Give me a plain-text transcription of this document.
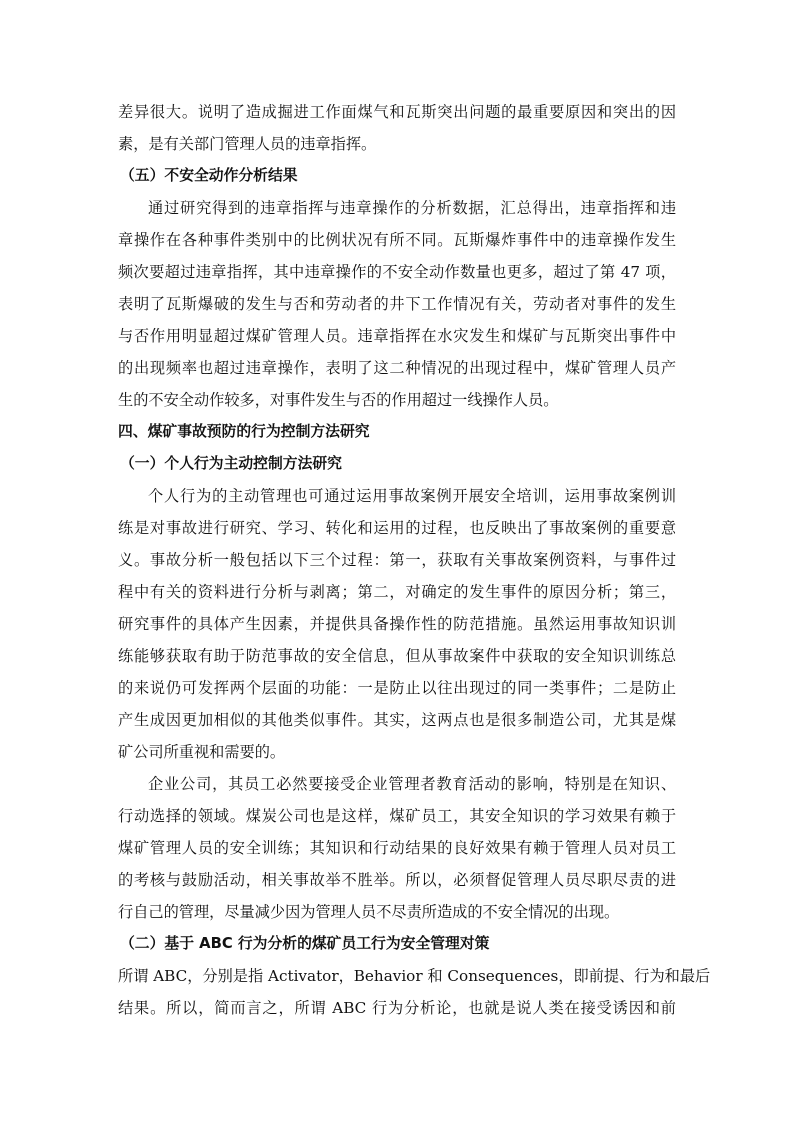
差异很大。说明了造成掘进工作面煤气和瓦斯突出问题的最重要原因和突出的因
素，是有关部门管理人员的违章指挥。
（五）不安全动作分析结果
通过研究得到的违章指挥与违章操作的分析数据，汇总得出，违章指挥和违
章操作在各种事件类别中的比例状况有所不同。瓦斯爆炸事件中的违章操作发生
频次要超过违章指挥，其中违章操作的不安全动作数量也更多，超过了第 47 项，
表明了瓦斯爆破的发生与否和劳动者的井下工作情况有关，劳动者对事件的发生
与否作用明显超过煤矿管理人员。违章指挥在水灾发生和煤矿与瓦斯突出事件中
的出现频率也超过违章操作，表明了这二种情况的出现过程中，煤矿管理人员产
生的不安全动作较多，对事件发生与否的作用超过一线操作人员。
四、煤矿事故预防的行为控制方法研究
（一）个人行为主动控制方法研究
个人行为的主动管理也可通过运用事故案例开展安全培训，运用事故案例训
练是对事故进行研究、学习、转化和运用的过程，也反映出了事故案例的重要意
义。事故分析一般包括以下三个过程：第一，获取有关事故案例资料，与事件过
程中有关的资料进行分析与剥离；第二，对确定的发生事件的原因分析；第三，
研究事件的具体产生因素，并提供具备操作性的防范措施。虽然运用事故知识训
练能够获取有助于防范事故的安全信息，但从事故案件中获取的安全知识训练总
的来说仍可发挥两个层面的功能：一是防止以往出现过的同一类事件；二是防止
产生成因更加相似的其他类似事件。其实，这两点也是很多制造公司，尤其是煤
矿公司所重视和需要的。
企业公司，其员工必然要接受企业管理者教育活动的影响，特别是在知识、
行动选择的领域。煤炭公司也是这样，煤矿员工，其安全知识的学习效果有赖于
煤矿管理人员的安全训练；其知识和行动结果的良好效果有赖于管理人员对员工
的考核与鼓励活动，相关事故举不胜举。所以，必须督促管理人员尽职尽责的进
行自己的管理，尽量减少因为管理人员不尽责所造成的不安全情况的出现。
（二）基于 ABC 行为分析的煤矿员工行为安全管理对策
所谓 ABC，分别是指 Activator，Behavior 和 Consequences，即前提、行为和最后
结果。所以，简而言之，所谓 ABC 行为分析论，也就是说人类在接受诱因和前
